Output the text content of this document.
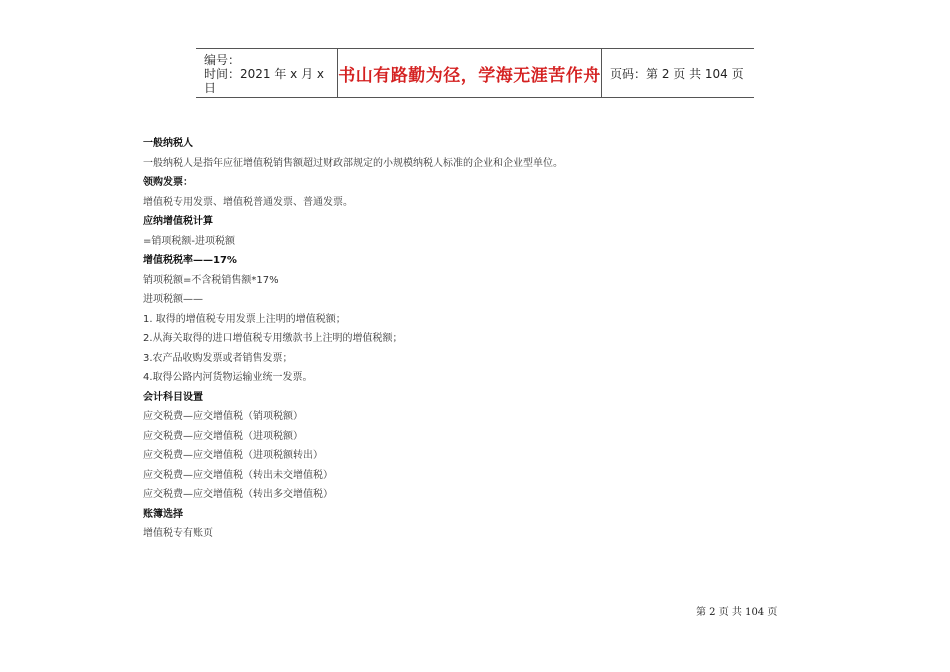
编号：
时间：2021 年 x 月 x 日
书山有路勤为径，学海无涯苦作舟 页码：第 2 页 共 104 页
一般纳税人
一般纳税人是指年应征增值税销售额超过财政部规定的小规模纳税人标准的企业和企业型单位。
领购发票：
增值税专用发票、增值税普通发票、普通发票。
应纳增值税计算
=销项税额-进项税额
增值税税率——17%
销项税额=不含税销售额*17%
进项税额——
1. 取得的增值税专用发票上注明的增值税额；
2.从海关取得的进口增值税专用缴款书上注明的增值税额；
3.农产品收购发票或者销售发票；
4.取得公路内河货物运输业统一发票。
会计科目设置
应交税费—应交增值税（销项税额）
应交税费—应交增值税（进项税额）
应交税费—应交增值税（进项税额转出）
应交税费—应交增值税（转出未交增值税）
应交税费—应交增值税（转出多交增值税）
账簿选择
增值税专有账页
第 2 页 共 104 页
